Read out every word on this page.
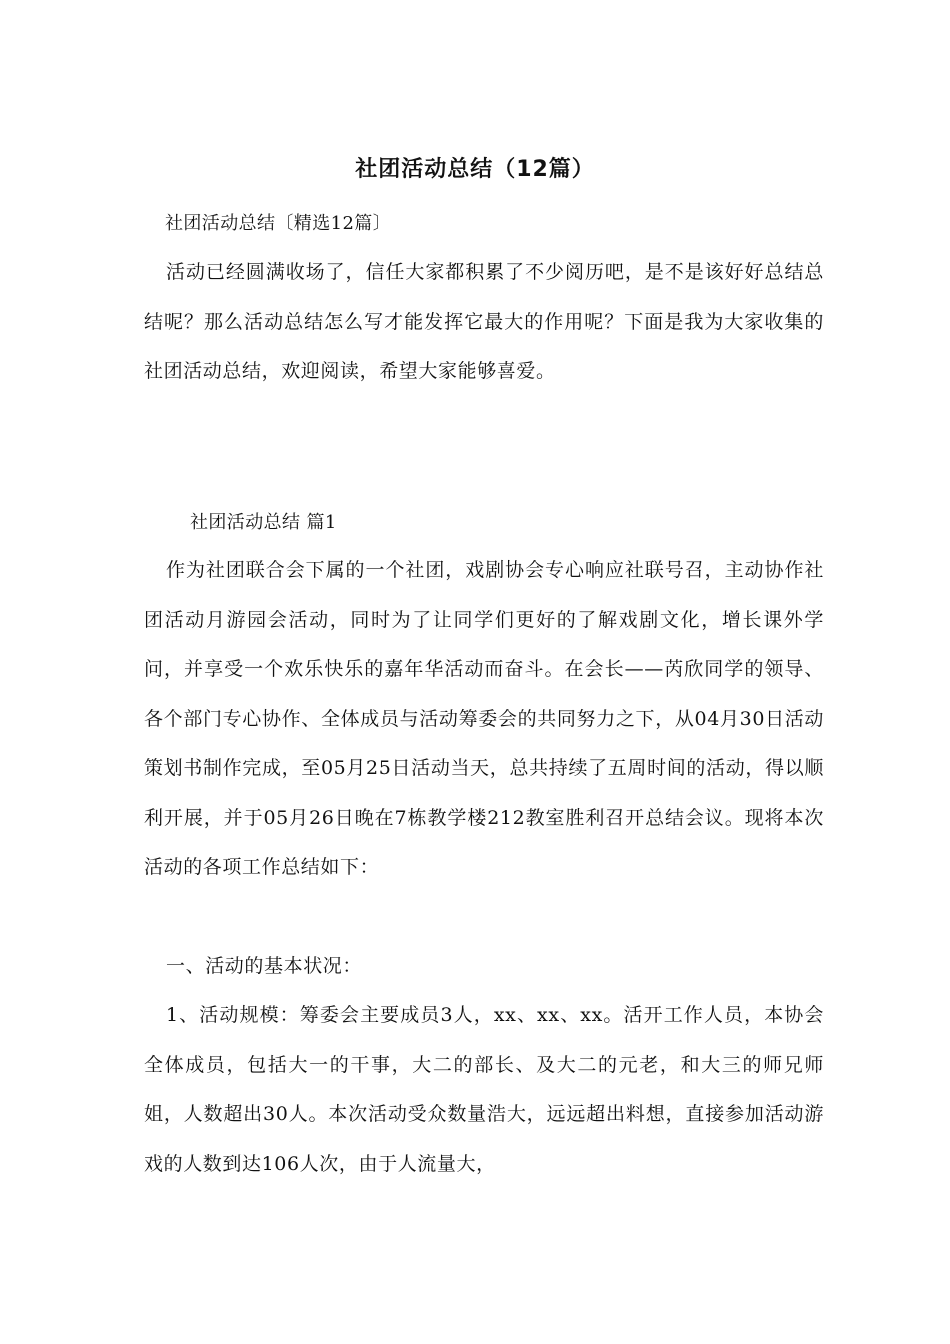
社团活动总结（12篇）

社团活动总结〔精选12篇〕

活动已经圆满收场了，信任大家都积累了不少阅历吧，是不是该好好总结总结呢？那么活动总结怎么写才能发挥它最大的作用呢？下面是我为大家收集的社团活动总结，欢迎阅读，希望大家能够喜爱。

社团活动总结 篇1

作为社团联合会下属的一个社团，戏剧协会专心响应社联号召，主动协作社团活动月游园会活动，同时为了让同学们更好的了解戏剧文化，增长课外学问，并享受一个欢乐快乐的嘉年华活动而奋斗。在会长——芮欣同学的领导、各个部门专心协作、全体成员与活动筹委会的共同努力之下，从04月30日活动策划书制作完成，至05月25日活动当天，总共持续了五周时间的活动，得以顺利开展，并于05月26日晚在7栋教学楼212教室胜利召开总结会议。现将本次活动的各项工作总结如下：

一、活动的基本状况：

1、活动规模：筹委会主要成员3人，xx、xx、xx。活开工作人员，本协会全体成员，包括大一的干事，大二的部长、及大二的元老，和大三的师兄师姐，人数超出30人。本次活动受众数量浩大，远远超出料想，直接参加活动游戏的人数到达106人次，由于人流量大，
